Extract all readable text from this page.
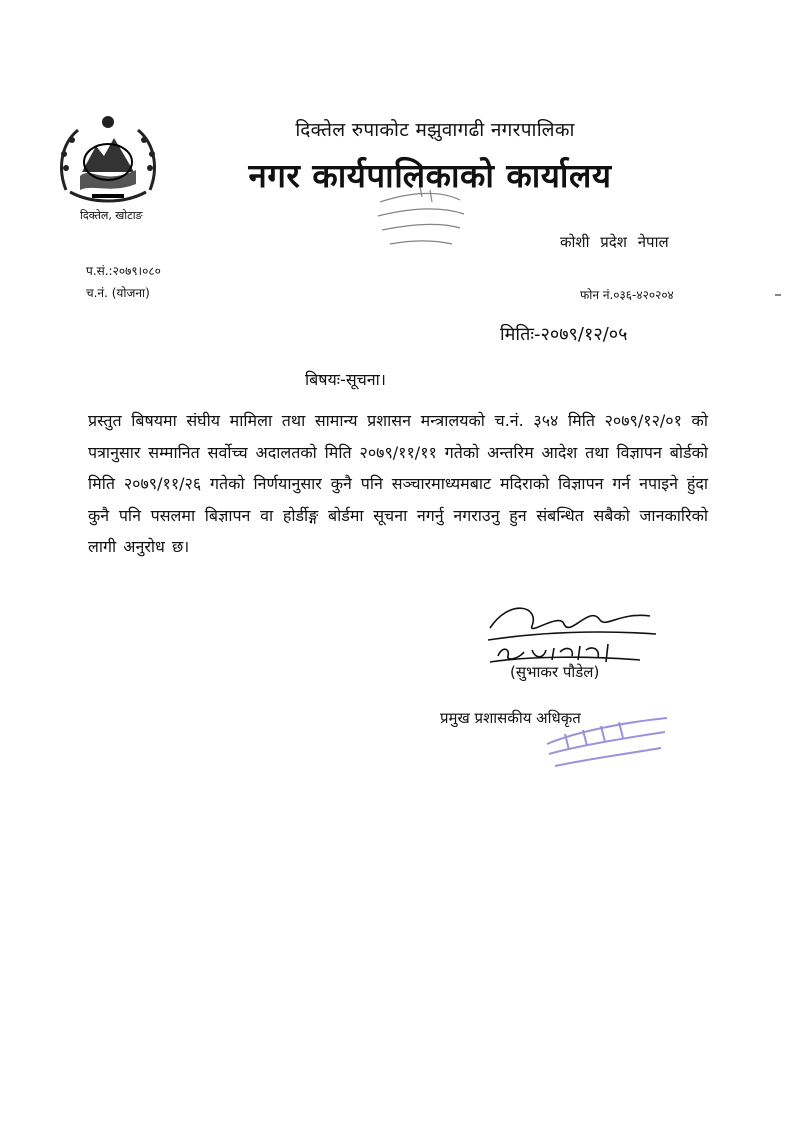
दिक्तेल, खोटाङ
दिक्तेल रुपाकोट मझुवागढी नगरपालिका
नगर कार्यपालिकाको कार्यालय
कोशी प्रदेश नेपाल
प.सं.:२०७९।०८०
च.नं. (योजना)	फोन नं.०३६-४२०२०४
मितिः-२०७९/१२/०५
बिषयः-सूचना।
प्रस्तुत बिषयमा संघीय मामिला तथा सामान्य प्रशासन मन्त्रालयको च.नं. ३५४ मिति २०७९/१२/०१ को पत्रानुसार सम्मानित सर्वोच्च अदालतको मिति २०७९/११/११ गतेको अन्तरिम आदेश तथा विज्ञापन बोर्डको मिति २०७९/११/२६ गतेको निर्णयानुसार कुनै पनि सञ्चारमाध्यमबाट मदिराको विज्ञापन गर्न नपाइने हुंदा कुनै पनि पसलमा बिज्ञापन वा होर्डीङ्ग बोर्डमा सूचना नगर्नु नगराउनु हुन संबन्धित सबैको जानकारिको लागी अनुरोध छ।
(सुभाकर पौडेल)
प्रमुख प्रशासकीय अधिकृत
